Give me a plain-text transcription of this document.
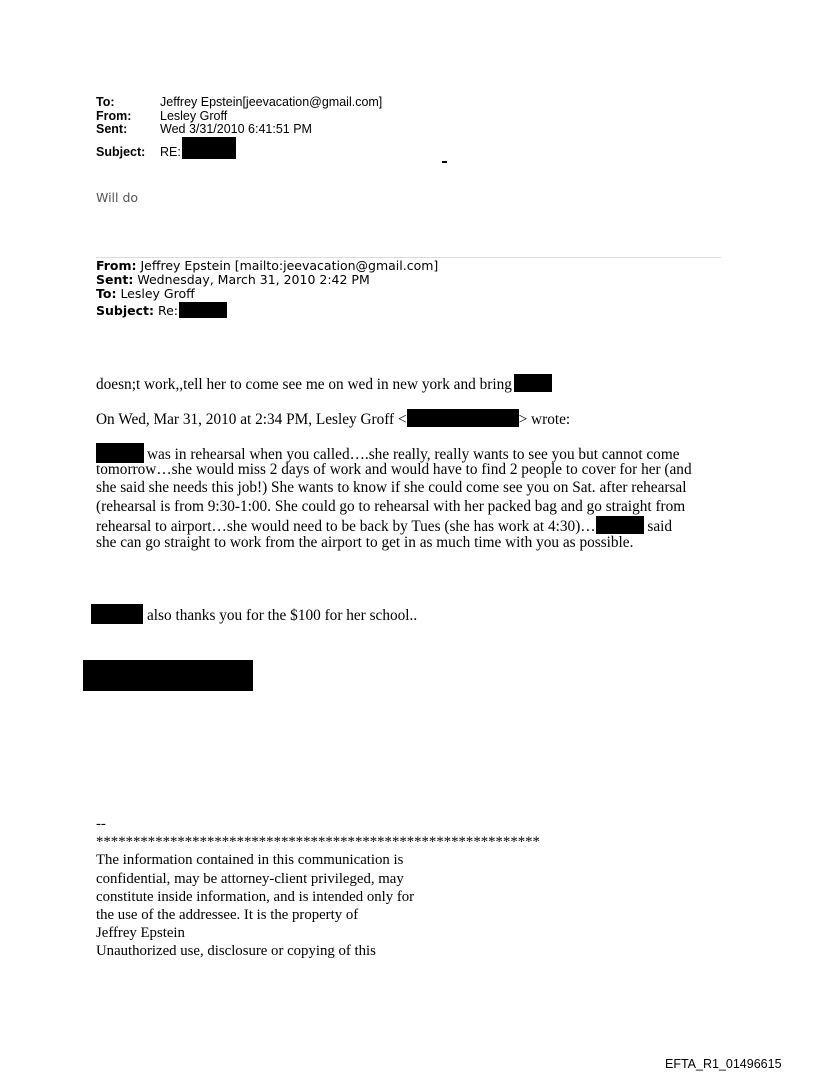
To:	Jeffrey Epstein[jeevacation@gmail.com]
From: Lesley Groff
Sent:	Wed 3/31/2010 6:41:51 PM
Subject: RE:
Will do
From: Jeffrey Epstein [mailto:jeevacation@gmail.com]
Sent: Wednesday, March 31, 2010 2:42 PM
To: Lesley Groff
Subject: Re:
doesn;t work,,tell her to come see me on wed in new york and bring
On Wed, Mar 31, 2010 at 2:34 PM, Lesley Groff <	> wrote:
was in rehearsal when you called….she really, really wants to see you but cannot come
tomorrow…she would miss 2 days of work and would have to find 2 people to cover for her (and
she said she needs this job!) She wants to know if she could come see you on Sat. after rehearsal
(rehearsal is from 9:30-1:00. She could go to rehearsal with her packed bag and go straight from
rehearsal to airport…she would need to be back by Tues (she has work at 4:30)…	said
she can go straight to work from the airport to get in as much time with you as possible.
also thanks you for the $100 for her school..
--
************************************************************
The information contained in this communication is
confidential, may be attorney-client privileged, may
constitute inside information, and is intended only for
the use of the addressee. It is the property of
Jeffrey Epstein
Unauthorized use, disclosure or copying of this
EFTA_R1_01496615
